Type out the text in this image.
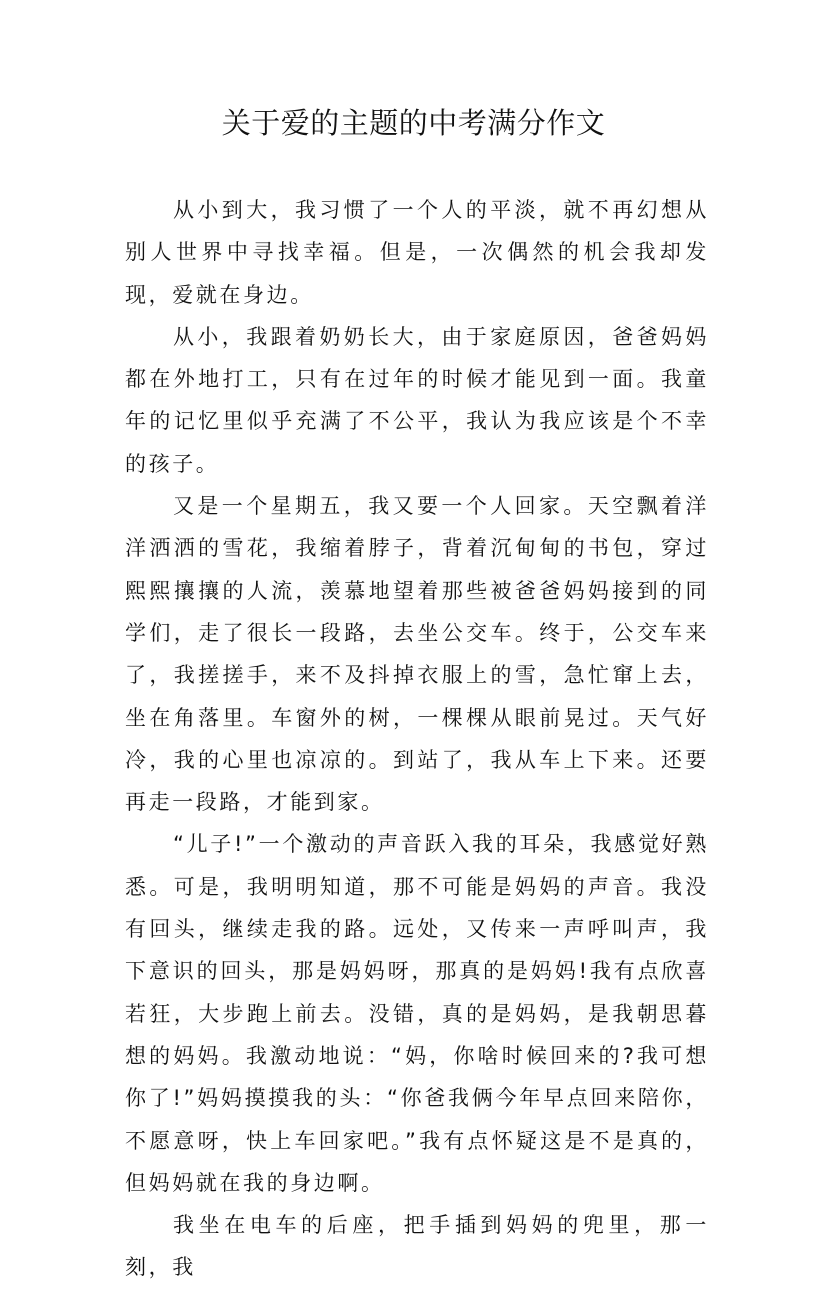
关于爱的主题的中考满分作文

从小到大，我习惯了一个人的平淡，就不再幻想从别人世界中寻找幸福。但是，一次偶然的机会我却发现，爱就在身边。

从小，我跟着奶奶长大，由于家庭原因，爸爸妈妈都在外地打工，只有在过年的时候才能见到一面。我童年的记忆里似乎充满了不公平，我认为我应该是个不幸的孩子。

又是一个星期五，我又要一个人回家。天空飘着洋洋洒洒的雪花，我缩着脖子，背着沉甸甸的书包，穿过熙熙攘攘的人流，羡慕地望着那些被爸爸妈妈接到的同学们，走了很长一段路，去坐公交车。终于，公交车来了，我搓搓手，来不及抖掉衣服上的雪，急忙窜上去，坐在角落里。车窗外的树，一棵棵从眼前晃过。天气好冷，我的心里也凉凉的。到站了，我从车上下来。还要再走一段路，才能到家。

“儿子!”一个激动的声音跃入我的耳朵，我感觉好熟悉。可是，我明明知道，那不可能是妈妈的声音。我没有回头，继续走我的路。远处，又传来一声呼叫声，我下意识的回头，那是妈妈呀，那真的是妈妈!我有点欣喜若狂，大步跑上前去。没错，真的是妈妈，是我朝思暮想的妈妈。我激动地说：“妈，你啥时候回来的?我可想你了!”妈妈摸摸我的头：“你爸我俩今年早点回来陪你，不愿意呀，快上车回家吧。”我有点怀疑这是不是真的，但妈妈就在我的身边啊。

我坐在电车的后座，把手插到妈妈的兜里，那一刻，我
